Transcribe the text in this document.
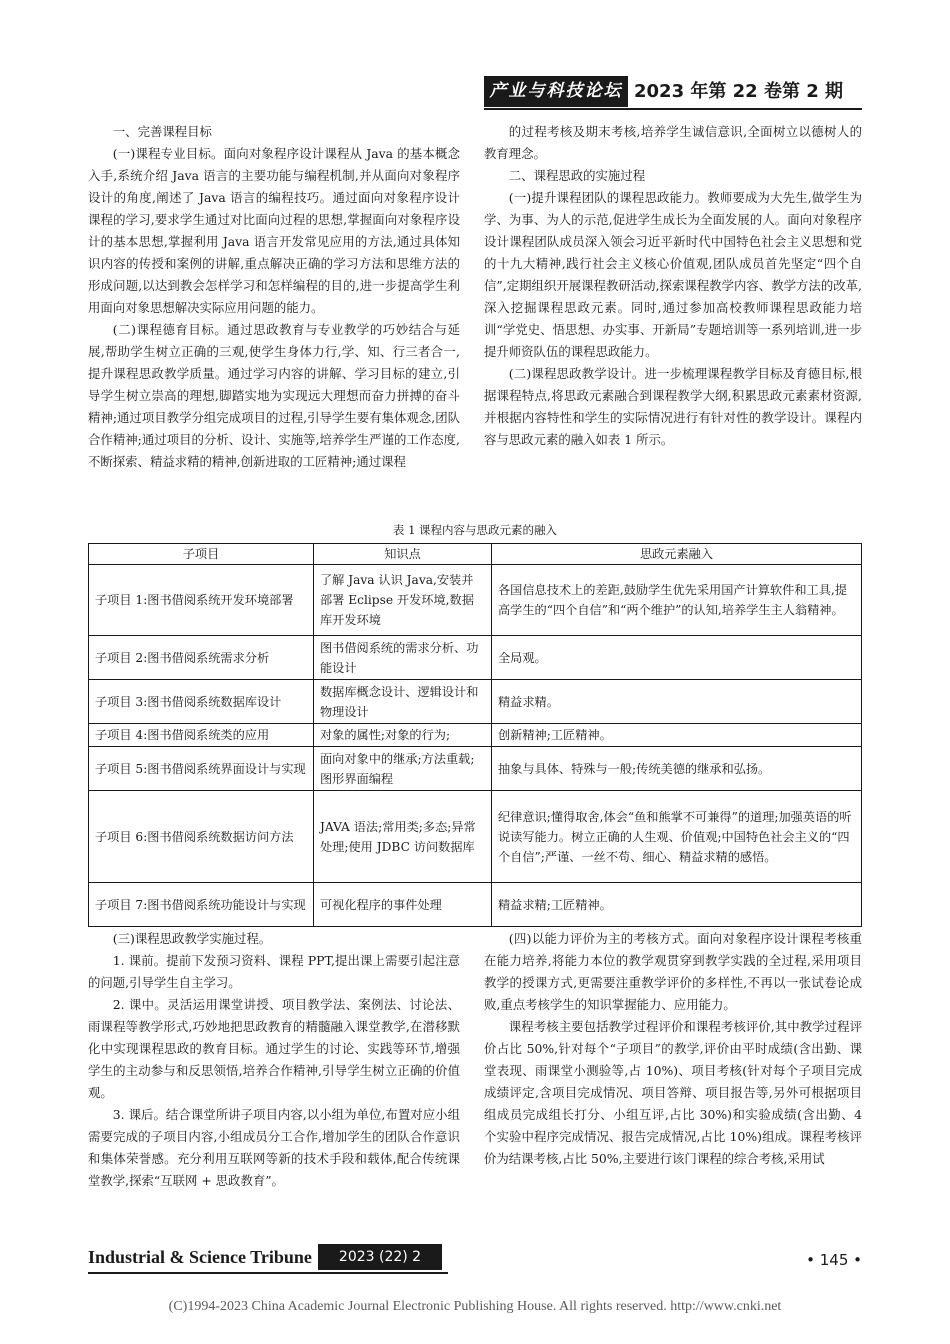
产业与科技论坛 2023 年第 22 卷第 2 期

一、完善课程目标

(一)课程专业目标。面向对象程序设计课程从 Java 的基本概念入手,系统介绍 Java 语言的主要功能与编程机制,并从面向对象程序设计的角度,阐述了 Java 语言的编程技巧。通过面向对象程序设计课程的学习,要求学生通过对比面向过程的思想,掌握面向对象程序设计的基本思想,掌握利用 Java 语言开发常见应用的方法,通过具体知识内容的传授和案例的讲解,重点解决正确的学习方法和思维方法的形成问题,以达到教会怎样学习和怎样编程的目的,进一步提高学生利用面向对象思想解决实际应用问题的能力。

(二)课程德育目标。通过思政教育与专业教学的巧妙结合与延展,帮助学生树立正确的三观,使学生身体力行,学、知、行三者合一,提升课程思政教学质量。通过学习内容的讲解、学习目标的建立,引导学生树立崇高的理想,脚踏实地为实现远大理想而奋力拼搏的奋斗精神;通过项目教学分组完成项目的过程,引导学生要有集体观念,团队合作精神;通过项目的分析、设计、实施等,培养学生严谨的工作态度,不断探索、精益求精的精神,创新进取的工匠精神;通过课程

的过程考核及期末考核,培养学生诚信意识,全面树立以德树人的教育理念。

二、课程思政的实施过程

(一)提升课程团队的课程思政能力。教师要成为大先生,做学生为学、为事、为人的示范,促进学生成长为全面发展的人。面向对象程序设计课程团队成员深入领会习近平新时代中国特色社会主义思想和党的十九大精神,践行社会主义核心价值观,团队成员首先坚定“四个自信”,定期组织开展课程教研活动,探索课程教学内容、教学方法的改革,深入挖掘课程思政元素。同时,通过参加高校教师课程思政能力培训“学党史、悟思想、办实事、开新局”专题培训等一系列培训,进一步提升师资队伍的课程思政能力。

(二)课程思政教学设计。进一步梳理课程教学目标及育德目标,根据课程特点,将思政元素融合到课程教学大纲,积累思政元素素材资源,并根据内容特性和学生的实际情况进行有针对性的教学设计。课程内容与思政元素的融入如表 1 所示。

表 1 课程内容与思政元素的融入
子项目	知识点	思政元素融入
子项目 1:图书借阅系统开发环境部署	了解 Java 认识 Java,安装并部署 Eclipse 开发环境,数据库开发环境	各国信息技术上的差距,鼓励学生优先采用国产计算软件和工具,提高学生的“四个自信”和“两个维护”的认知,培养学生主人翁精神。
子项目 2:图书借阅系统需求分析	图书借阅系统的需求分析、功能设计	全局观。
子项目 3:图书借阅系统数据库设计	数据库概念设计、逻辑设计和物理设计	精益求精。
子项目 4:图书借阅系统类的应用	对象的属性;对象的行为;	创新精神;工匠精神。
子项目 5:图书借阅系统界面设计与实现	面向对象中的继承;方法重载;图形界面编程	抽象与具体、特殊与一般;传统美德的继承和弘扬。
子项目 6:图书借阅系统数据访问方法	JAVA 语法;常用类;多态;异常处理;使用 JDBC 访问数据库	纪律意识;懂得取舍,体会“鱼和熊掌不可兼得”的道理;加强英语的听说读写能力。树立正确的人生观、价值观;中国特色社会主义的“四个自信”;严谨、一丝不苟、细心、精益求精的感悟。
子项目 7:图书借阅系统功能设计与实现	可视化程序的事件处理	精益求精;工匠精神。

(三)课程思政教学实施过程。

1. 课前。提前下发预习资料、课程 PPT,提出课上需要引起注意的问题,引导学生自主学习。

2. 课中。灵活运用课堂讲授、项目教学法、案例法、讨论法、雨课程等教学形式,巧妙地把思政教育的精髓融入课堂教学,在潜移默化中实现课程思政的教育目标。通过学生的讨论、实践等环节,增强学生的主动参与和反思领悟,培养合作精神,引导学生树立正确的价值观。

3. 课后。结合课堂所讲子项目内容,以小组为单位,布置对应小组需要完成的子项目内容,小组成员分工合作,增加学生的团队合作意识和集体荣誉感。充分利用互联网等新的技术手段和载体,配合传统课堂教学,探索“互联网 + 思政教育”。

(四)以能力评价为主的考核方式。面向对象程序设计课程考核重在能力培养,将能力本位的教学观贯穿到教学实践的全过程,采用项目教学的授课方式,更需要注重教学评价的多样性,不再以一张试卷论成败,重点考核学生的知识掌握能力、应用能力。

课程考核主要包括教学过程评价和课程考核评价,其中教学过程评价占比 50%,针对每个“子项目”的教学,评价由平时成绩(含出勤、课堂表现、雨课堂小测验等,占 10%)、项目考核(针对每个子项目完成成绩评定,含项目完成情况、项目答辩、项目报告等,另外可根据项目组成员完成组长打分、小组互评,占比 30%)和实验成绩(含出勤、4 个实验中程序完成情况、报告完成情况,占比 10%)组成。课程考核评价为结课考核,占比 50%,主要进行该门课程的综合考核,采用试

Industrial & Science Tribune	2023 (22) 2	• 145 •
(C)1994-2023 China Academic Journal Electronic Publishing House. All rights reserved. http://www.cnki.net
